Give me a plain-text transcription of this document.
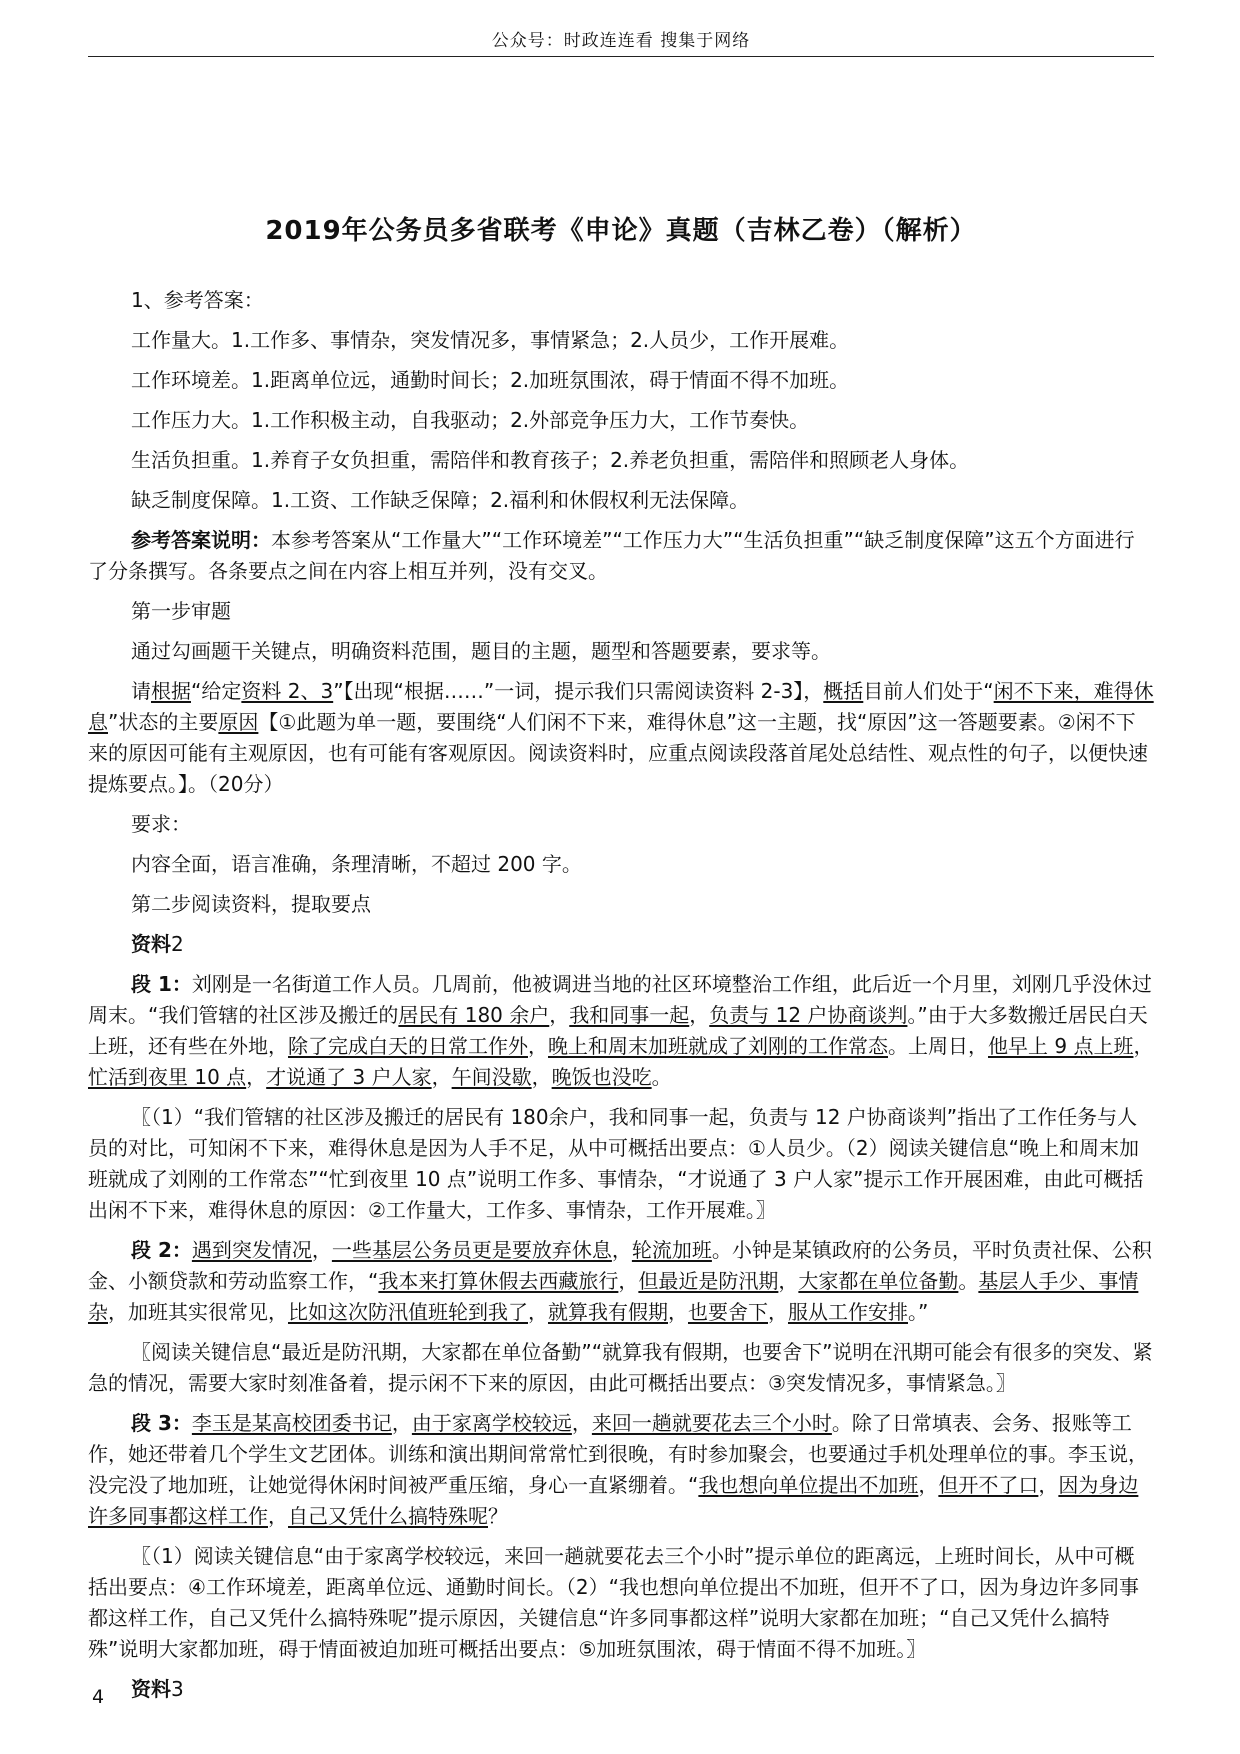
公众号：时政连连看 搜集于网络
2019年公务员多省联考《申论》真题（吉林乙卷）（解析）

1、参考答案：

工作量大。1.工作多、事情杂，突发情况多，事情紧急；2.人员少，工作开展难。

工作环境差。1.距离单位远，通勤时间长；2.加班氛围浓，碍于情面不得不加班。

工作压力大。1.工作积极主动，自我驱动；2.外部竞争压力大，工作节奏快。

生活负担重。1.养育子女负担重，需陪伴和教育孩子；2.养老负担重，需陪伴和照顾老人身体。

缺乏制度保障。1.工资、工作缺乏保障；2.福利和休假权利无法保障。

参考答案说明：本参考答案从“工作量大”“工作环境差”“工作压力大”“生活负担重”“缺乏制度保障”这五个方面进行了分条撰写。各条要点之间在内容上相互并列，没有交叉。

第一步审题

通过勾画题干关键点，明确资料范围，题目的主题，题型和答题要素，要求等。

请根据“给定资料 2、3”【出现“根据……”一词，提示我们只需阅读资料 2-3】，概括目前人们处于“闲不下来，难得休息”状态的主要原因【①此题为单一题，要围绕“人们闲不下来，难得休息”这一主题，找“原因”这一答题要素。②闲不下来的原因可能有主观原因，也有可能有客观原因。阅读资料时，应重点阅读段落首尾处总结性、观点性的句子，以便快速提炼要点。】。（20分）

要求：

内容全面，语言准确，条理清晰，不超过 200 字。

第二步阅读资料，提取要点

资料2

段 1：刘刚是一名街道工作人员。几周前，他被调进当地的社区环境整治工作组，此后近一个月里，刘刚几乎没休过周末。“我们管辖的社区涉及搬迁的居民有 180 余户，我和同事一起，负责与 12 户协商谈判。”由于大多数搬迁居民白天上班，还有些在外地，除了完成白天的日常工作外，晚上和周末加班就成了刘刚的工作常态。上周日，他早上 9 点上班，忙活到夜里 10 点，才说通了 3 户人家，午间没歇，晚饭也没吃。

〖（1）“我们管辖的社区涉及搬迁的居民有 180余户，我和同事一起，负责与 12 户协商谈判”指出了工作任务与人员的对比，可知闲不下来，难得休息是因为人手不足，从中可概括出要点：①人员少。（2）阅读关键信息“晚上和周末加班就成了刘刚的工作常态”“忙到夜里 10 点”说明工作多、事情杂，“才说通了 3 户人家”提示工作开展困难，由此可概括出闲不下来，难得休息的原因：②工作量大，工作多、事情杂，工作开展难。〗

段 2：遇到突发情况，一些基层公务员更是要放弃休息，轮流加班。小钟是某镇政府的公务员，平时负责社保、公积金、小额贷款和劳动监察工作，“我本来打算休假去西藏旅行，但最近是防汛期，大家都在单位备勤。基层人手少、事情杂，加班其实很常见，比如这次防汛值班轮到我了，就算我有假期，也要舍下，服从工作安排。”

〖阅读关键信息“最近是防汛期，大家都在单位备勤”“就算我有假期，也要舍下”说明在汛期可能会有很多的突发、紧急的情况，需要大家时刻准备着，提示闲不下来的原因，由此可概括出要点：③突发情况多，事情紧急。〗

段 3：李玉是某高校团委书记，由于家离学校较远，来回一趟就要花去三个小时。除了日常填表、会务、报账等工作，她还带着几个学生文艺团体。训练和演出期间常常忙到很晚，有时参加聚会，也要通过手机处理单位的事。李玉说，没完没了地加班，让她觉得休闲时间被严重压缩，身心一直紧绷着。“我也想向单位提出不加班，但开不了口，因为身边许多同事都这样工作，自己又凭什么搞特殊呢？

〖（1）阅读关键信息“由于家离学校较远，来回一趟就要花去三个小时”提示单位的距离远，上班时间长，从中可概括出要点：④工作环境差，距离单位远、通勤时间长。（2）“我也想向单位提出不加班，但开不了口，因为身边许多同事都这样工作，自己又凭什么搞特殊呢”提示原因，关键信息“许多同事都这样”说明大家都在加班；“自己又凭什么搞特殊”说明大家都加班，碍于情面被迫加班可概括出要点：⑤加班氛围浓，碍于情面不得不加班。〗

资料3

4
